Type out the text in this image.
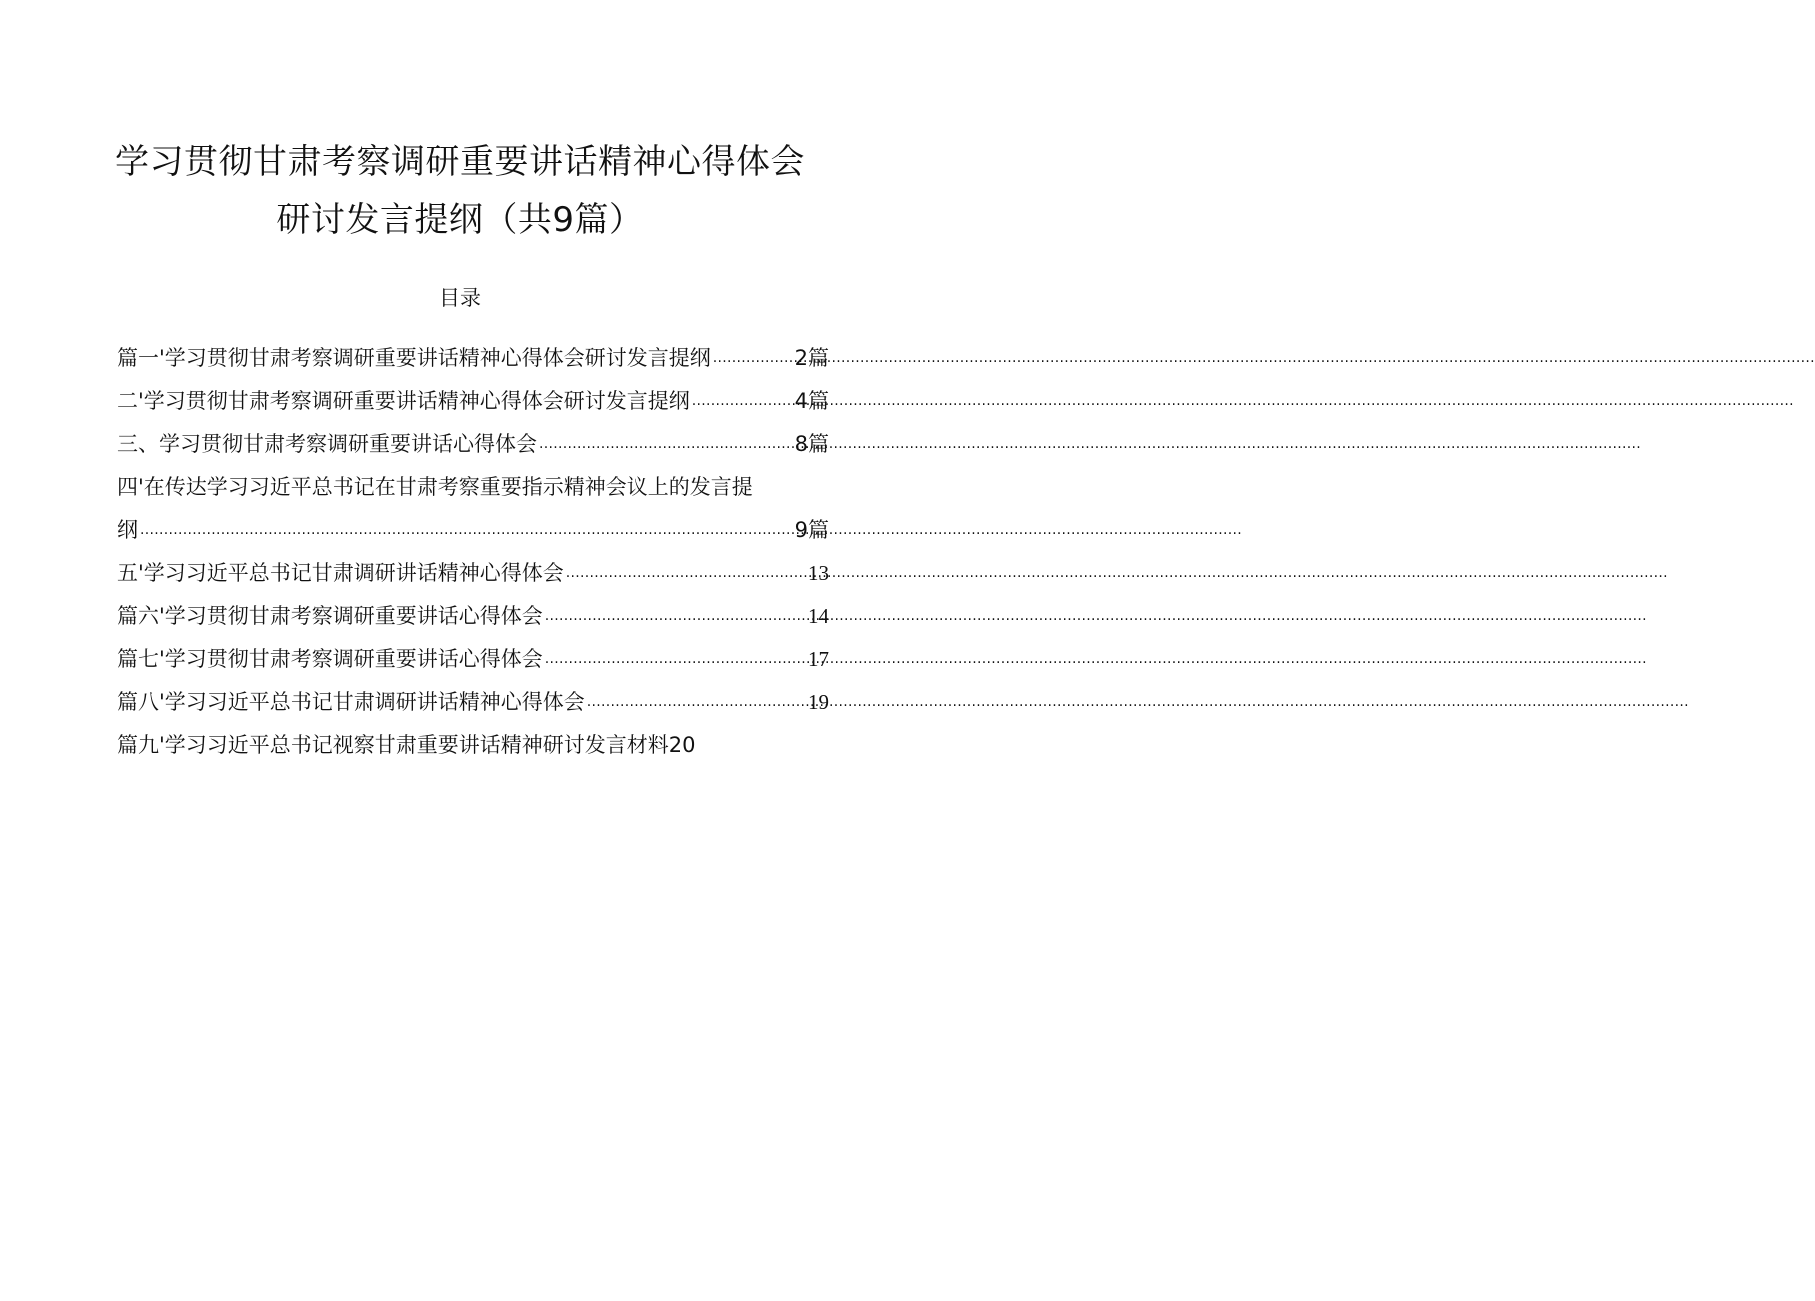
学习贯彻甘肃考察调研重要讲话精神心得体会
研讨发言提纲（共9篇）
目录
篇一'学习贯彻甘肃考察调研重要讲话精神心得体会研讨发言提纲 .....	2篇
二'学习贯彻甘肃考察调研重要讲话精神心得体会研讨发言提纲 .....	4篇
三、学习贯彻甘肃考察调研重要讲话心得体会 .....	8篇
四'在传达学习习近平总书记在甘肃考察重要指示精神会议上的发言提
纲 .....	9篇
五'学习习近平总书记甘肃调研讲话精神心得体会 .....	13
篇六'学习贯彻甘肃考察调研重要讲话心得体会 .....	14
篇七'学习贯彻甘肃考察调研重要讲话心得体会 .....	17
篇八'学习习近平总书记甘肃调研讲话精神心得体会 .....	19
篇九'学习习近平总书记视察甘肃重要讲话精神研讨发言材料 20
